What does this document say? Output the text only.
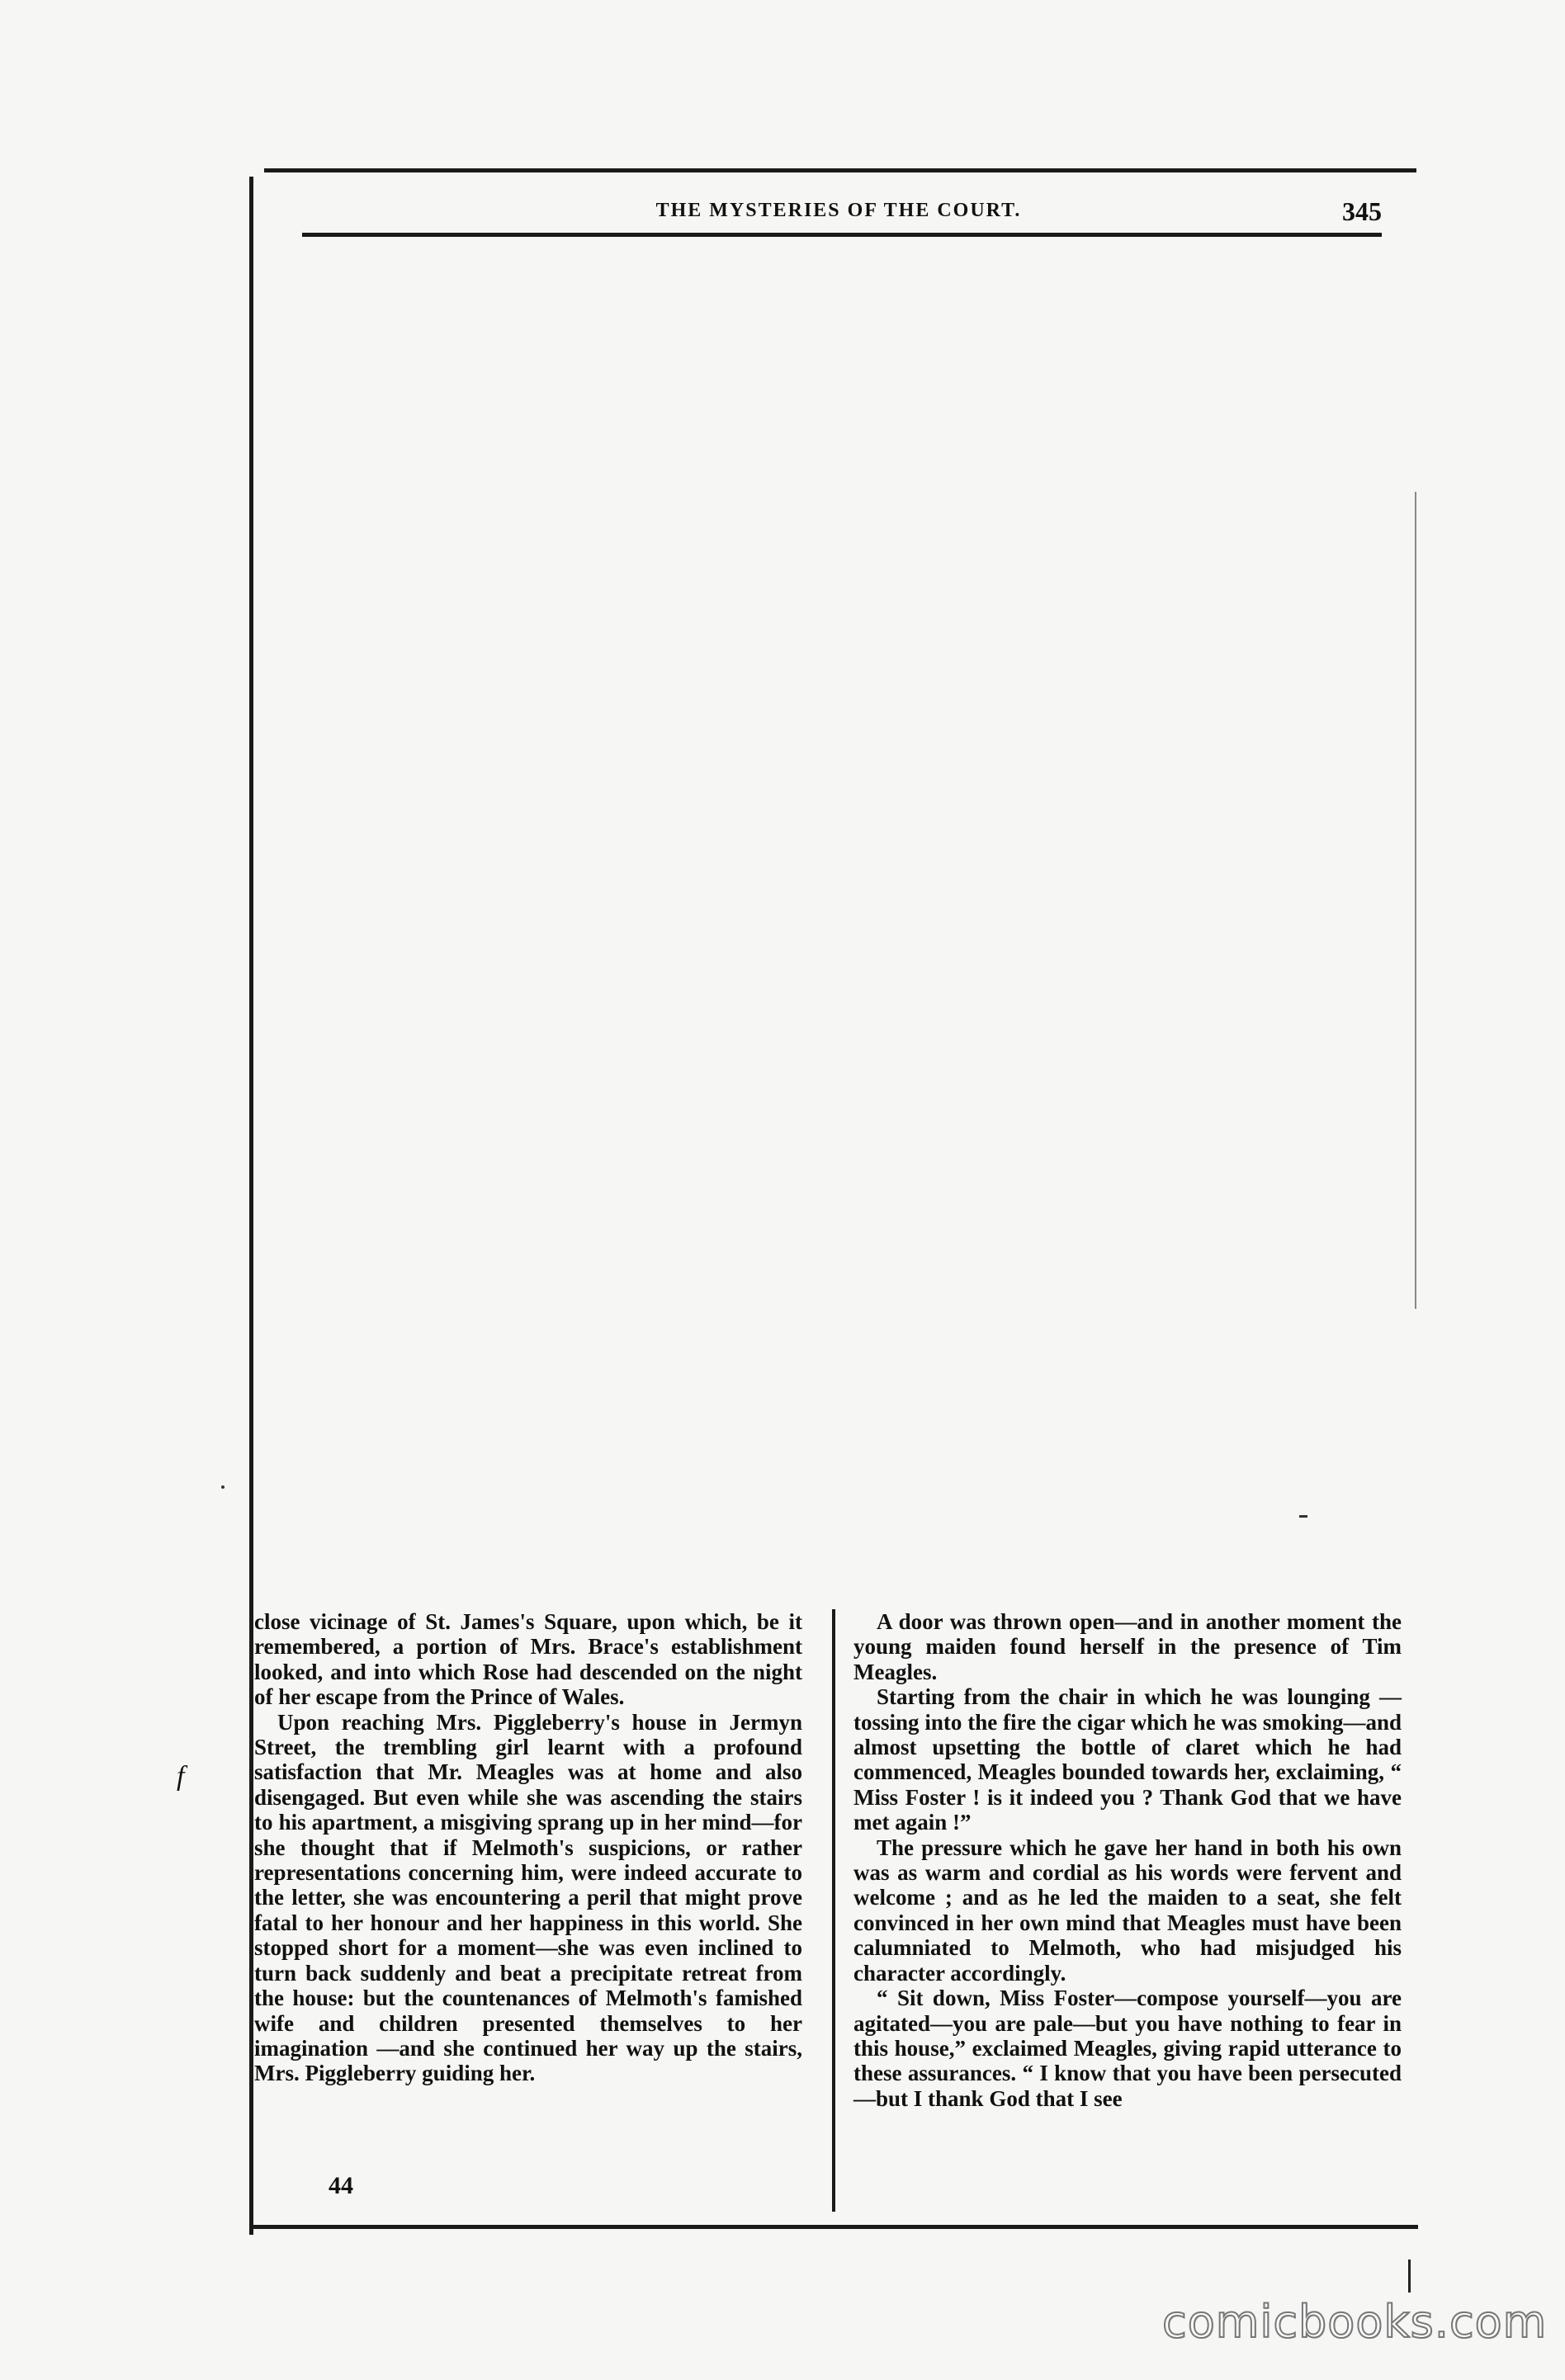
THE MYSTERIES OF THE COURT.	345
f

close vicinage of St. James's Square, upon which, be it remembered, a portion of Mrs. Brace's establishment looked, and into which Rose had descended on the night of her escape from the Prince of Wales.

Upon reaching Mrs. Piggleberry's house in Jermyn Street, the trembling girl learnt with a profound satisfaction that Mr. Meagles was at home and also disengaged. But even while she was ascending the stairs to his apartment, a misgiving sprang up in her mind—for she thought that if Melmoth's suspicions, or rather representations concerning him, were indeed accurate to the letter, she was encountering a peril that might prove fatal to her honour and her happiness in this world. She stopped short for a moment—she was even inclined to turn back suddenly and beat a precipitate retreat from the house: but the countenances of Melmoth's famished wife and children presented themselves to her imagination —and she continued her way up the stairs, Mrs. Piggleberry guiding her.

A door was thrown open—and in another moment the young maiden found herself in the presence of Tim Meagles.

Starting from the chair in which he was lounging —tossing into the fire the cigar which he was smoking—and almost upsetting the bottle of claret which he had commenced, Meagles bounded towards her, exclaiming, “ Miss Foster ! is it indeed you ? Thank God that we have met again !”

The pressure which he gave her hand in both his own was as warm and cordial as his words were fervent and welcome ; and as he led the maiden to a seat, she felt convinced in her own mind that Meagles must have been calumniated to Melmoth, who had misjudged his character accordingly.

“ Sit down, Miss Foster—compose yourself—you are agitated—you are pale—but you have nothing to fear in this house,” exclaimed Meagles, giving rapid utterance to these assurances. “ I know that you have been persecuted—but I thank God that I see

44
comicbooks.com
